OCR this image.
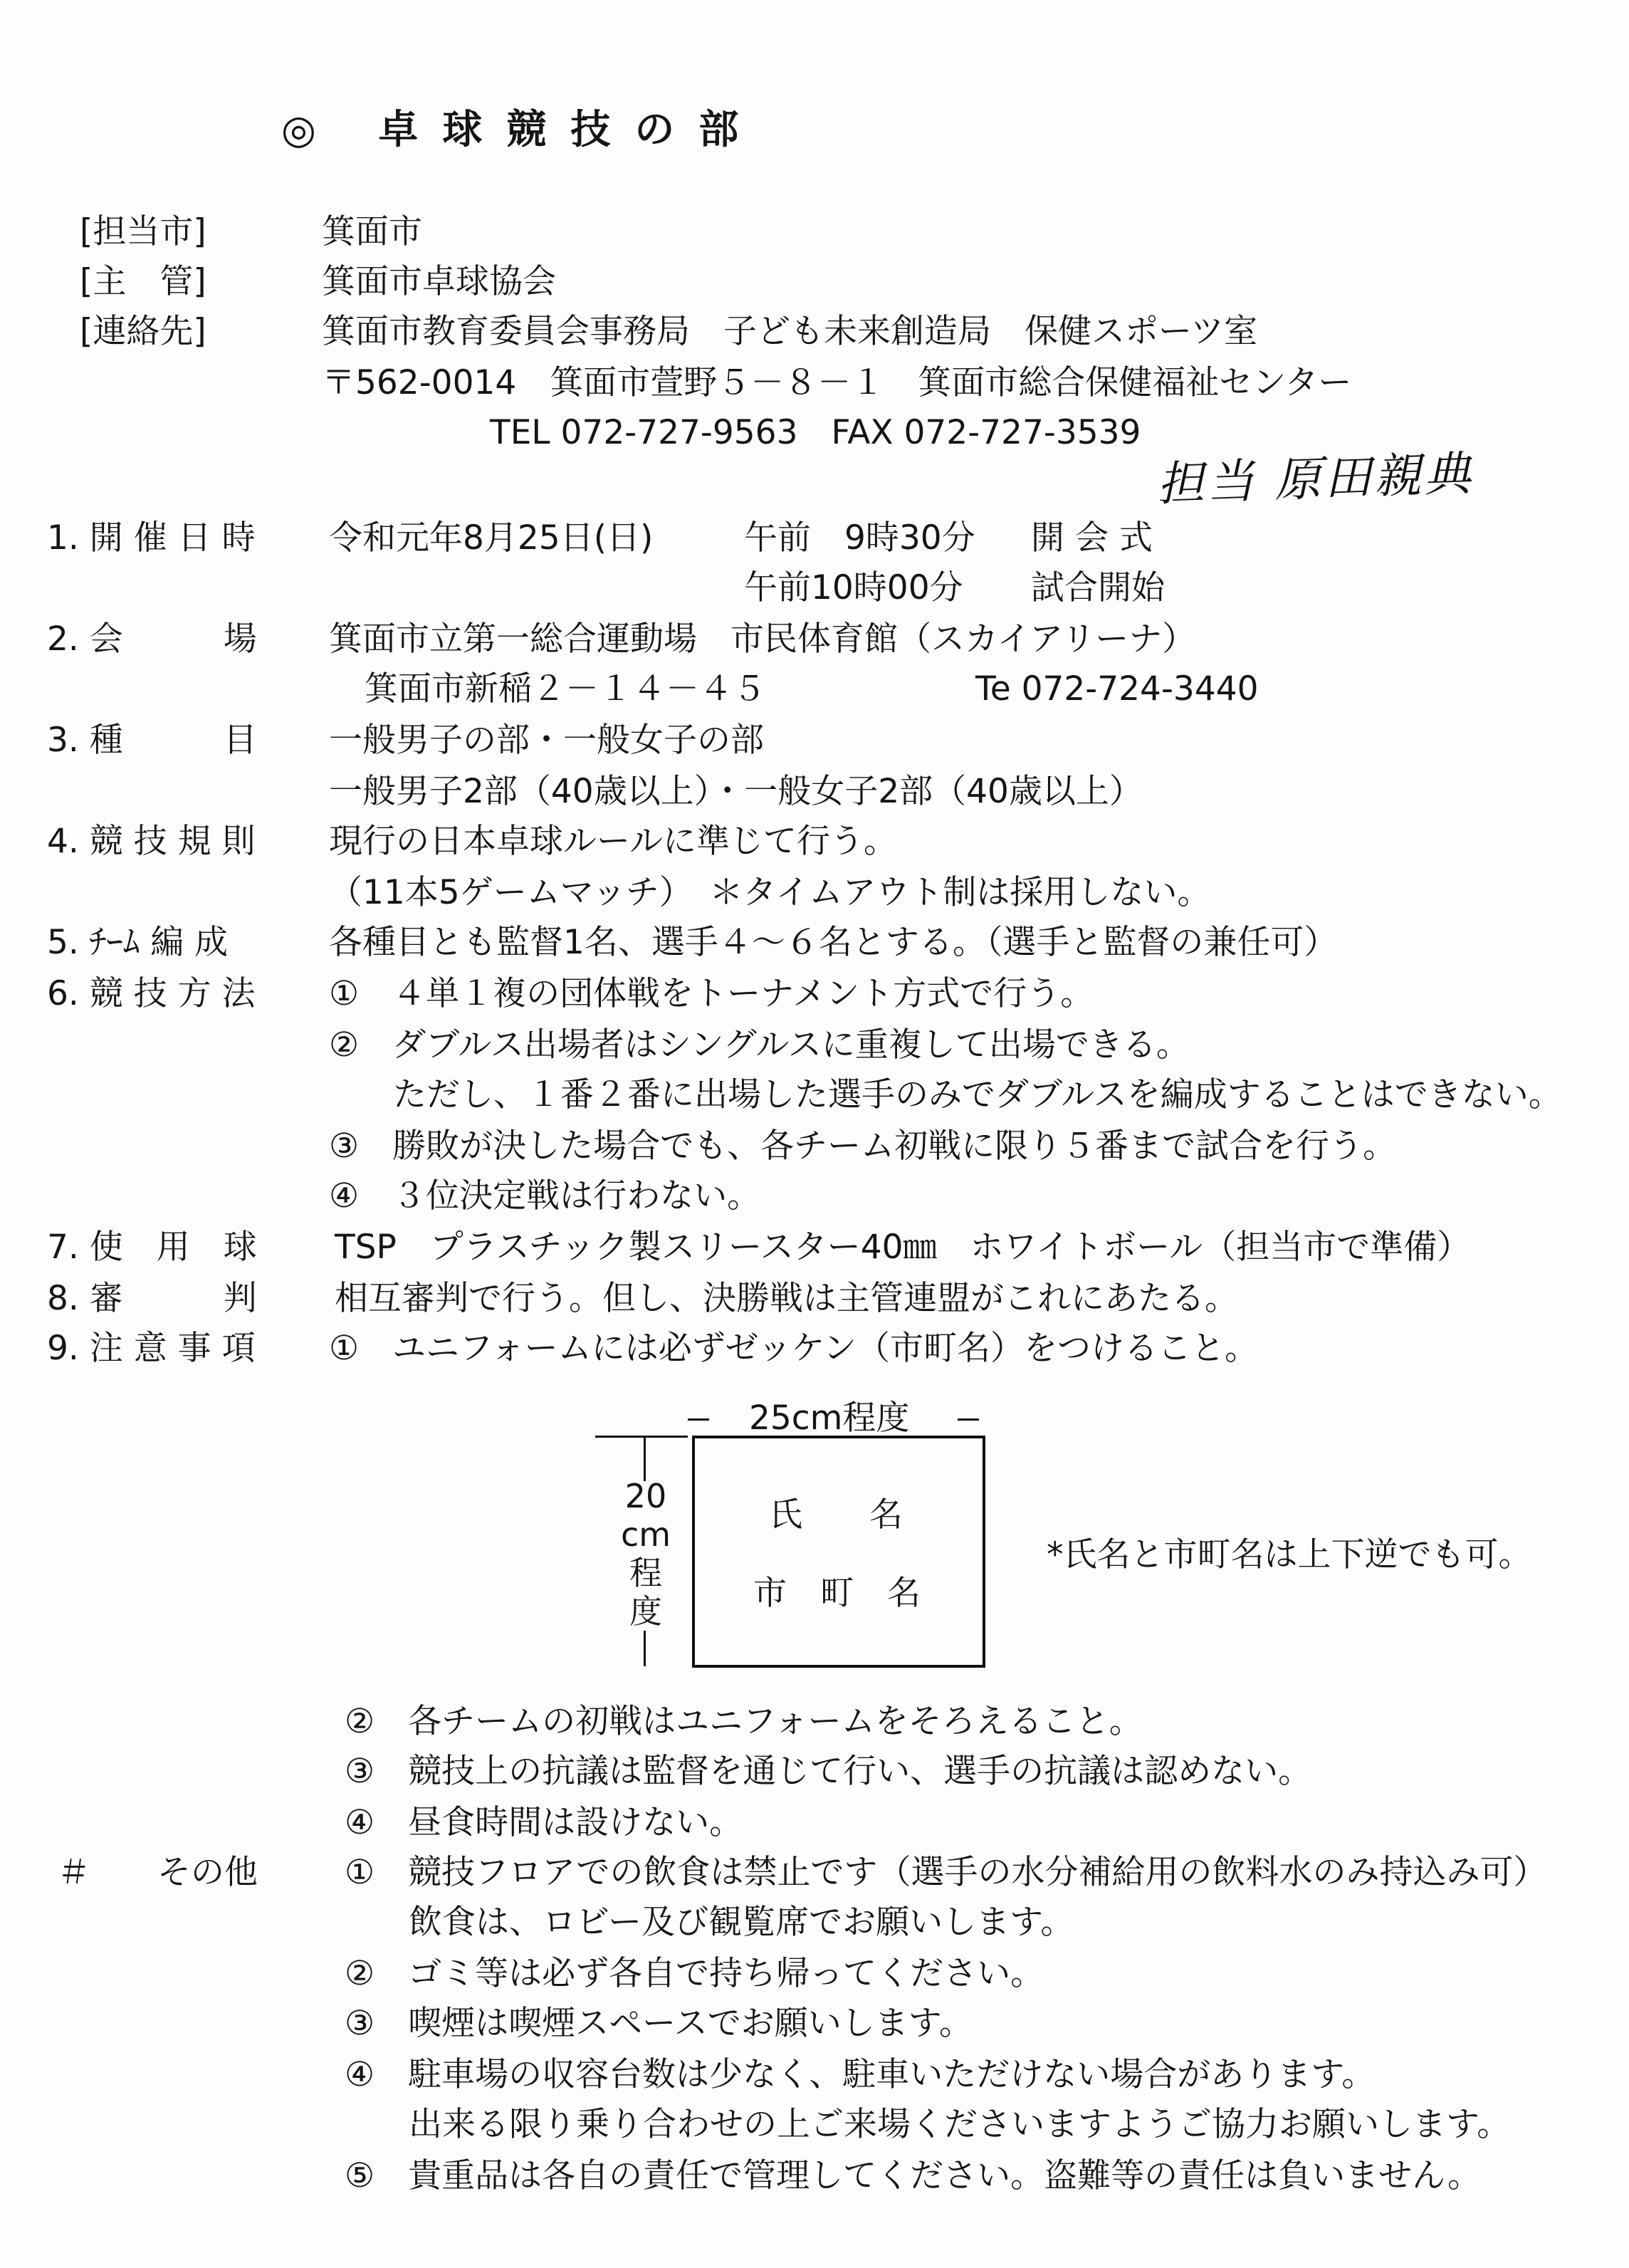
◎ 卓球競技の部
[担当市]	箕面市
[主　管]	箕面市卓球協会
[連絡先]	箕面市教育委員会事務局　子ども未来創造局　保健スポーツ室
〒562-0014　箕面市萱野５－８－１　箕面市総合保健福祉センター
TEL 072-727-9563　FAX 072-727-3539
担当 原田親典
1. 開 催 日 時 令和元年8月25日(日)	午前　9時30分 開 会 式
午前10時00分 試合開始
2. 会　　　場 箕面市立第一総合運動場　市民体育館（スカイアリーナ）
箕面市新稲２－１４－４５	Te 072-724-3440
3. 種　　　目 一般男子の部・一般女子の部
一般男子2部（40歳以上）・一般女子2部（40歳以上）
4. 競 技 規 則 現行の日本卓球ルールに準じて行う。
（11本5ゲームマッチ）　＊タイムアウト制は採用しない。
5. ﾁｰﾑ 編 成	各種目とも監督1名、選手４～６名とする。（選手と監督の兼任可）
6. 競 技 方 法 ①　４単１複の団体戦をトーナメント方式で行う。
②　ダブルス出場者はシングルスに重複して出場できる。
ただし、１番２番に出場した選手のみでダブルスを編成することはできない。
③　勝敗が決した場合でも、各チーム初戦に限り５番まで試合を行う。
④　３位決定戦は行わない。
7. 使　用　球 TSP　プラスチック製スリースター40㎜　ホワイトボール（担当市で準備）
8. 審　　　判 相互審判で行う。但し、決勝戦は主管連盟がこれにあたる。
9. 注 意 事 項 ①　ユニフォームには必ずゼッケン（市町名）をつけること。
25cm程度
20
cm
程
度
氏　　名
市　町　名
*氏名と市町名は上下逆でも可。
②　各チームの初戦はユニフォームをそろえること。
③　競技上の抗議は監督を通じて行い、選手の抗議は認めない。
④　昼食時間は設けない。
＃　　その他	①　競技フロアでの飲食は禁止です（選手の水分補給用の飲料水のみ持込み可）
飲食は、ロビー及び観覧席でお願いします。
②　ゴミ等は必ず各自で持ち帰ってください。
③　喫煙は喫煙スペースでお願いします。
④　駐車場の収容台数は少なく、駐車いただけない場合があります。
出来る限り乗り合わせの上ご来場くださいますようご協力お願いします。
⑤　貴重品は各自の責任で管理してください。盗難等の責任は負いません。
